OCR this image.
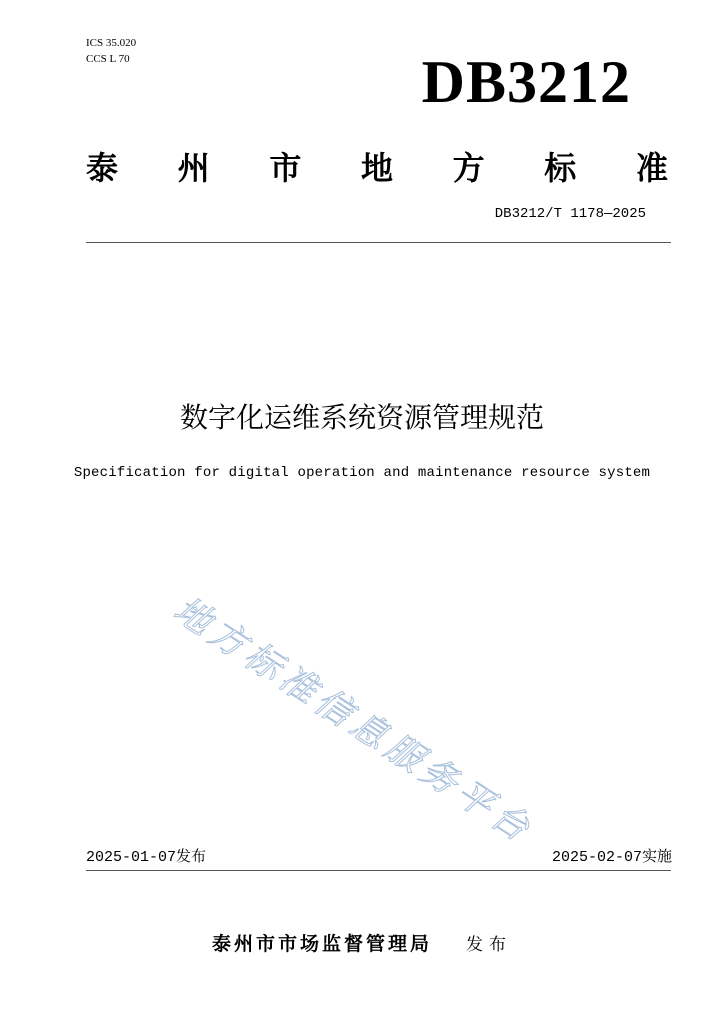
ICS 35.020
CCS L 70	DB3212
泰 州 市 地 方 标 准
DB3212/T 1178—2025
数字化运维系统资源管理规范
Specification for digital operation and maintenance resource system
地方标准信息服务平台
2025-01-07发布	2025-02-07实施
泰州市市场监督管理局 发布
